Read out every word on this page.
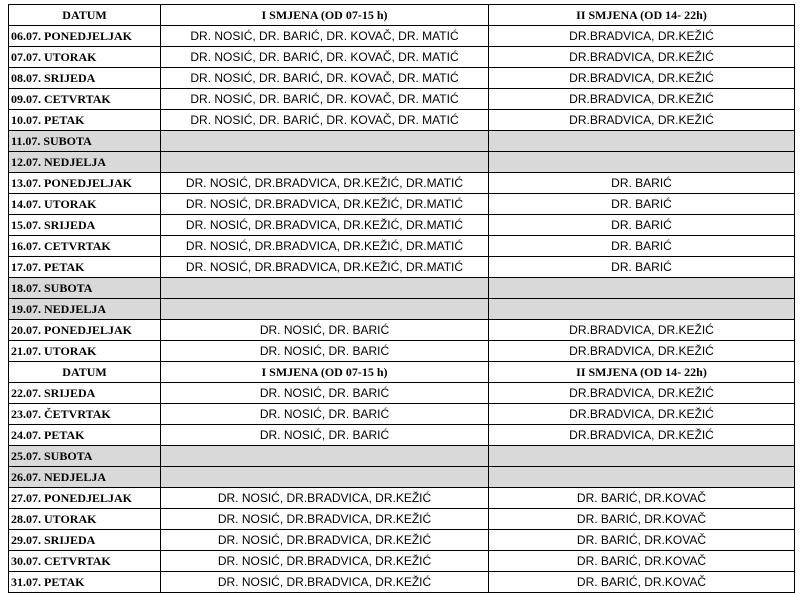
DATUM	I SMJENA (OD 07-15 h)	II SMJENA (OD 14- 22h)
06.07. PONEDJELJAK	DR. NOSIĆ, DR. BARIĆ, DR. KOVAČ, DR. MATIĆ	DR.BRADVICA, DR.KEŽIĆ
07.07. UTORAK	DR. NOSIĆ, DR. BARIĆ, DR. KOVAČ, DR. MATIĆ	DR.BRADVICA, DR.KEŽIĆ
08.07. SRIJEDA	DR. NOSIĆ, DR. BARIĆ, DR. KOVAČ, DR. MATIĆ	DR.BRADVICA, DR.KEŽIĆ
09.07. CETVRTAK	DR. NOSIĆ, DR. BARIĆ, DR. KOVAČ, DR. MATIĆ	DR.BRADVICA, DR.KEŽIĆ
10.07. PETAK	DR. NOSIĆ, DR. BARIĆ, DR. KOVAČ, DR. MATIĆ	DR.BRADVICA, DR.KEŽIĆ
11.07. SUBOTA		
12.07. NEDJELJA		
13.07. PONEDJELJAK	DR. NOSIĆ, DR.BRADVICA, DR.KEŽIĆ, DR.MATIĆ	DR. BARIĆ
14.07. UTORAK	DR. NOSIĆ, DR.BRADVICA, DR.KEŽIĆ, DR.MATIĆ	DR. BARIĆ
15.07. SRIJEDA	DR. NOSIĆ, DR.BRADVICA, DR.KEŽIĆ, DR.MATIĆ	DR. BARIĆ
16.07. CETVRTAK	DR. NOSIĆ, DR.BRADVICA, DR.KEŽIĆ, DR.MATIĆ	DR. BARIĆ
17.07. PETAK	DR. NOSIĆ, DR.BRADVICA, DR.KEŽIĆ, DR.MATIĆ	DR. BARIĆ
18.07. SUBOTA		
19.07. NEDJELJA		
20.07. PONEDJELJAK	DR. NOSIĆ, DR. BARIĆ	DR.BRADVICA, DR.KEŽIĆ
21.07. UTORAK	DR. NOSIĆ, DR. BARIĆ	DR.BRADVICA, DR.KEŽIĆ
DATUM	I SMJENA (OD 07-15 h)	II SMJENA (OD 14- 22h)
22.07. SRIJEDA	DR. NOSIĆ, DR. BARIĆ	DR.BRADVICA, DR.KEŽIĆ
23.07. ČETVRTAK	DR. NOSIĆ, DR. BARIĆ	DR.BRADVICA, DR.KEŽIĆ
24.07. PETAK	DR. NOSIĆ, DR. BARIĆ	DR.BRADVICA, DR.KEŽIĆ
25.07. SUBOTA		
26.07. NEDJELJA		
27.07. PONEDJELJAK	DR. NOSIĆ, DR.BRADVICA, DR.KEŽIĆ	DR. BARIĆ, DR.KOVAČ
28.07. UTORAK	DR. NOSIĆ, DR.BRADVICA, DR.KEŽIĆ	DR. BARIĆ, DR.KOVAČ
29.07. SRIJEDA	DR. NOSIĆ, DR.BRADVICA, DR.KEŽIĆ	DR. BARIĆ, DR.KOVAČ
30.07. CETVRTAK	DR. NOSIĆ, DR.BRADVICA, DR.KEŽIĆ	DR. BARIĆ, DR.KOVAČ
31.07. PETAK	DR. NOSIĆ, DR.BRADVICA, DR.KEŽIĆ	DR. BARIĆ, DR.KOVAČ
